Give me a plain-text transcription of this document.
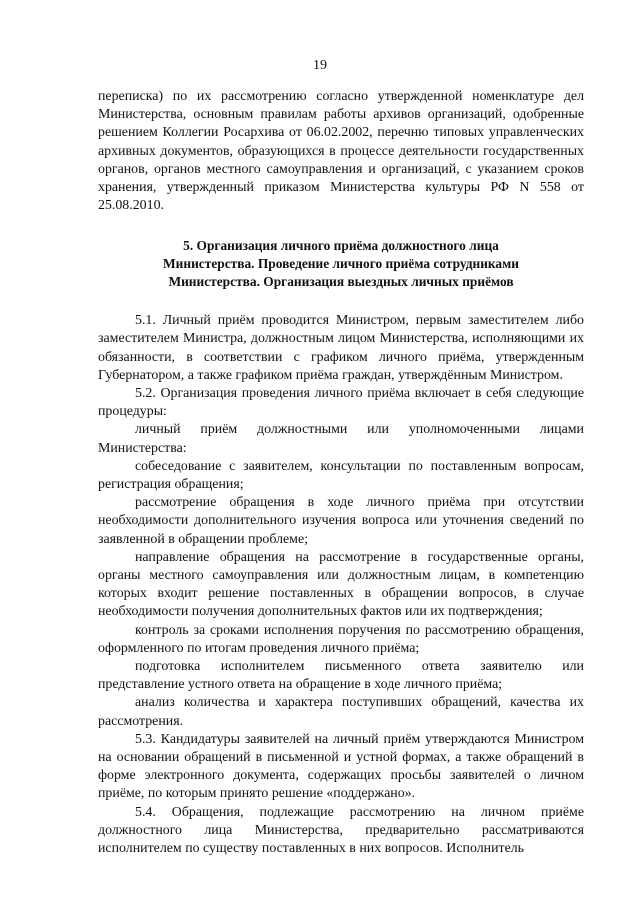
19

переписка) по их рассмотрению согласно утвержденной номенклатуре дел Министерства, основным правилам работы архивов организаций, одобренные решением Коллегии Росархива от 06.02.2002, перечню типовых управленческих архивных документов, образующихся в процессе деятельности государственных органов, органов местного самоуправления и организаций, с указанием сроков хранения, утвержденный приказом Министерства культуры РФ N 558 от 25.08.2010.

5. Организация личного приёма должностного лица
Министерства. Проведение личного приёма сотрудниками
Министерства. Организация выездных личных приёмов

5.1. Личный приём проводится Министром, первым заместителем либо заместителем Министра, должностным лицом Министерства, исполняющими их обязанности, в соответствии с графиком личного приёма, утвержденным Губернатором, а также графиком приёма граждан, утверждённым Министром.

5.2. Организация проведения личного приёма включает в себя следующие процедуры:

личный приём должностными или уполномоченными лицами Министерства:

собеседование с заявителем, консультации по поставленным вопросам, регистрация обращения;

рассмотрение обращения в ходе личного приёма при отсутствии необходимости дополнительного изучения вопроса или уточнения сведений по заявленной в обращении проблеме;

направление обращения на рассмотрение в государственные органы, органы местного самоуправления или должностным лицам, в компетенцию которых входит решение поставленных в обращении вопросов, в случае необходимости получения дополнительных фактов или их подтверждения;

контроль за сроками исполнения поручения по рассмотрению обращения, оформленного по итогам проведения личного приёма;

подготовка исполнителем письменного ответа заявителю или представление устного ответа на обращение в ходе личного приёма;

анализ количества и характера поступивших обращений, качества их рассмотрения.

5.3. Кандидатуры заявителей на личный приём утверждаются Министром на основании обращений в письменной и устной формах, а также обращений в форме электронного документа, содержащих просьбы заявителей о личном приёме, по которым принято решение «поддержано».

5.4. Обращения, подлежащие рассмотрению на личном приёме должностного лица Министерства, предварительно рассматриваются исполнителем по существу поставленных в них вопросов. Исполнитель
